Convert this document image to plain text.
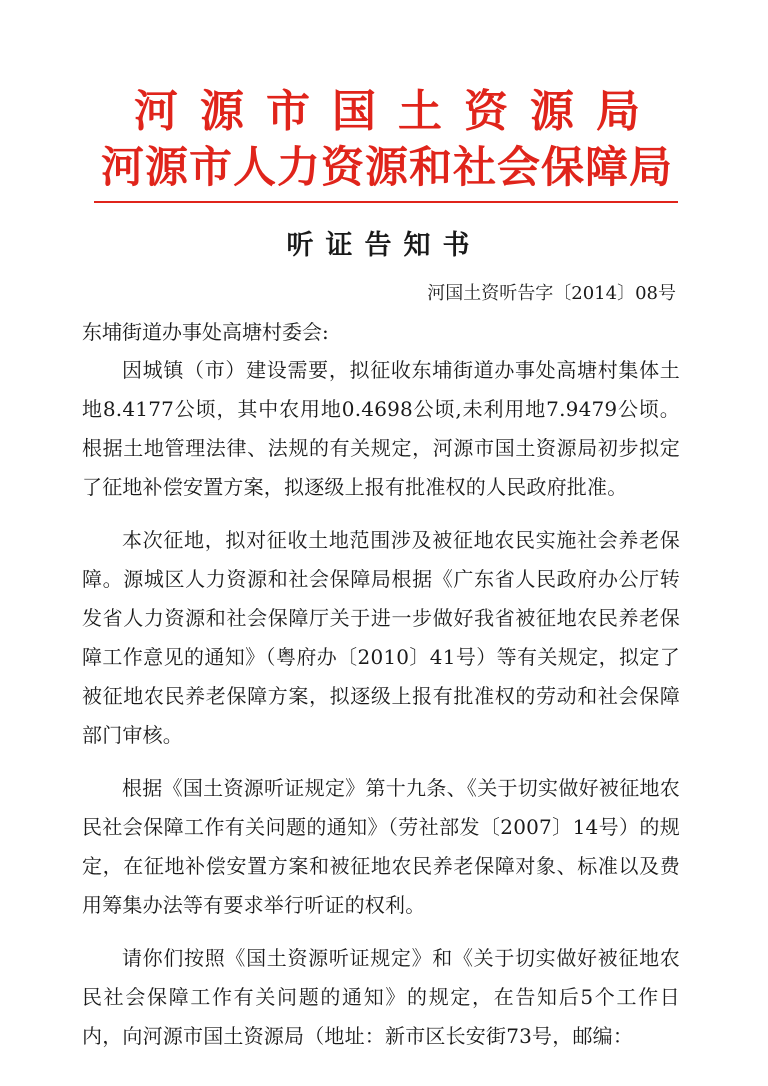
河源市国土资源局
河源市人力资源和社会保障局
听证告知书
河国土资听告字〔2014〕08号
东埔街道办事处高塘村委会:

因城镇（市）建设需要，拟征收东埔街道办事处高塘村集体土地8.4177公顷，其中农用地0.4698公顷,未利用地7.9479公顷。根据土地管理法律、法规的有关规定，河源市国土资源局初步拟定了征地补偿安置方案，拟逐级上报有批准权的人民政府批准。

本次征地，拟对征收土地范围涉及被征地农民实施社会养老保障。源城区人力资源和社会保障局根据《广东省人民政府办公厅转发省人力资源和社会保障厅关于进一步做好我省被征地农民养老保障工作意见的通知》（粤府办〔2010〕41号）等有关规定，拟定了被征地农民养老保障方案，拟逐级上报有批准权的劳动和社会保障部门审核。

根据《国土资源听证规定》第十九条、《关于切实做好被征地农民社会保障工作有关问题的通知》（劳社部发〔2007〕14号）的规定，在征地补偿安置方案和被征地农民养老保障对象、标准以及费用筹集办法等有要求举行听证的权利。

请你们按照《国土资源听证规定》和《关于切实做好被征地农民社会保障工作有关问题的通知》的规定，在告知后5个工作日内，向河源市国土资源局（地址：新市区长安街73号，邮编：
